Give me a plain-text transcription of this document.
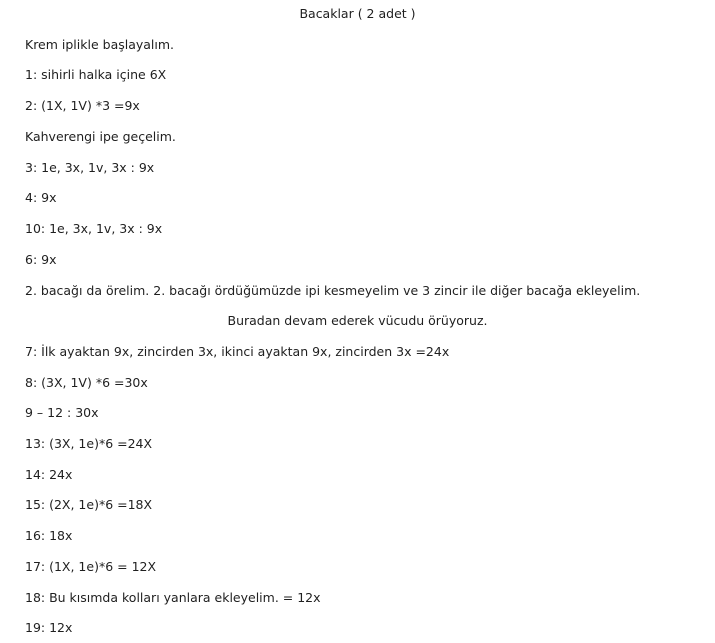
Bacaklar ( 2 adet )
Krem iplikle başlayalım.
1: sihirli halka içine 6X
2: (1X, 1V) *3 =9x
Kahverengi ipe geçelim.
3: 1e, 3x, 1v, 3x : 9x
4: 9x
10: 1e, 3x, 1v, 3x : 9x
6: 9x
2. bacağı da örelim. 2. bacağı ördüğümüzde ipi kesmeyelim ve 3 zincir ile diğer bacağa ekleyelim.
Buradan devam ederek vücudu örüyoruz.
7: İlk ayaktan 9x, zincirden 3x, ikinci ayaktan 9x, zincirden 3x =24x
8: (3X, 1V) *6 =30x
9 – 12 : 30x
13: (3X, 1e)*6 =24X
14: 24x
15: (2X, 1e)*6 =18X
16: 18x
17: (1X, 1e)*6 = 12X
18: Bu kısımda kolları yanlara ekleyelim. = 12x
19: 12x
